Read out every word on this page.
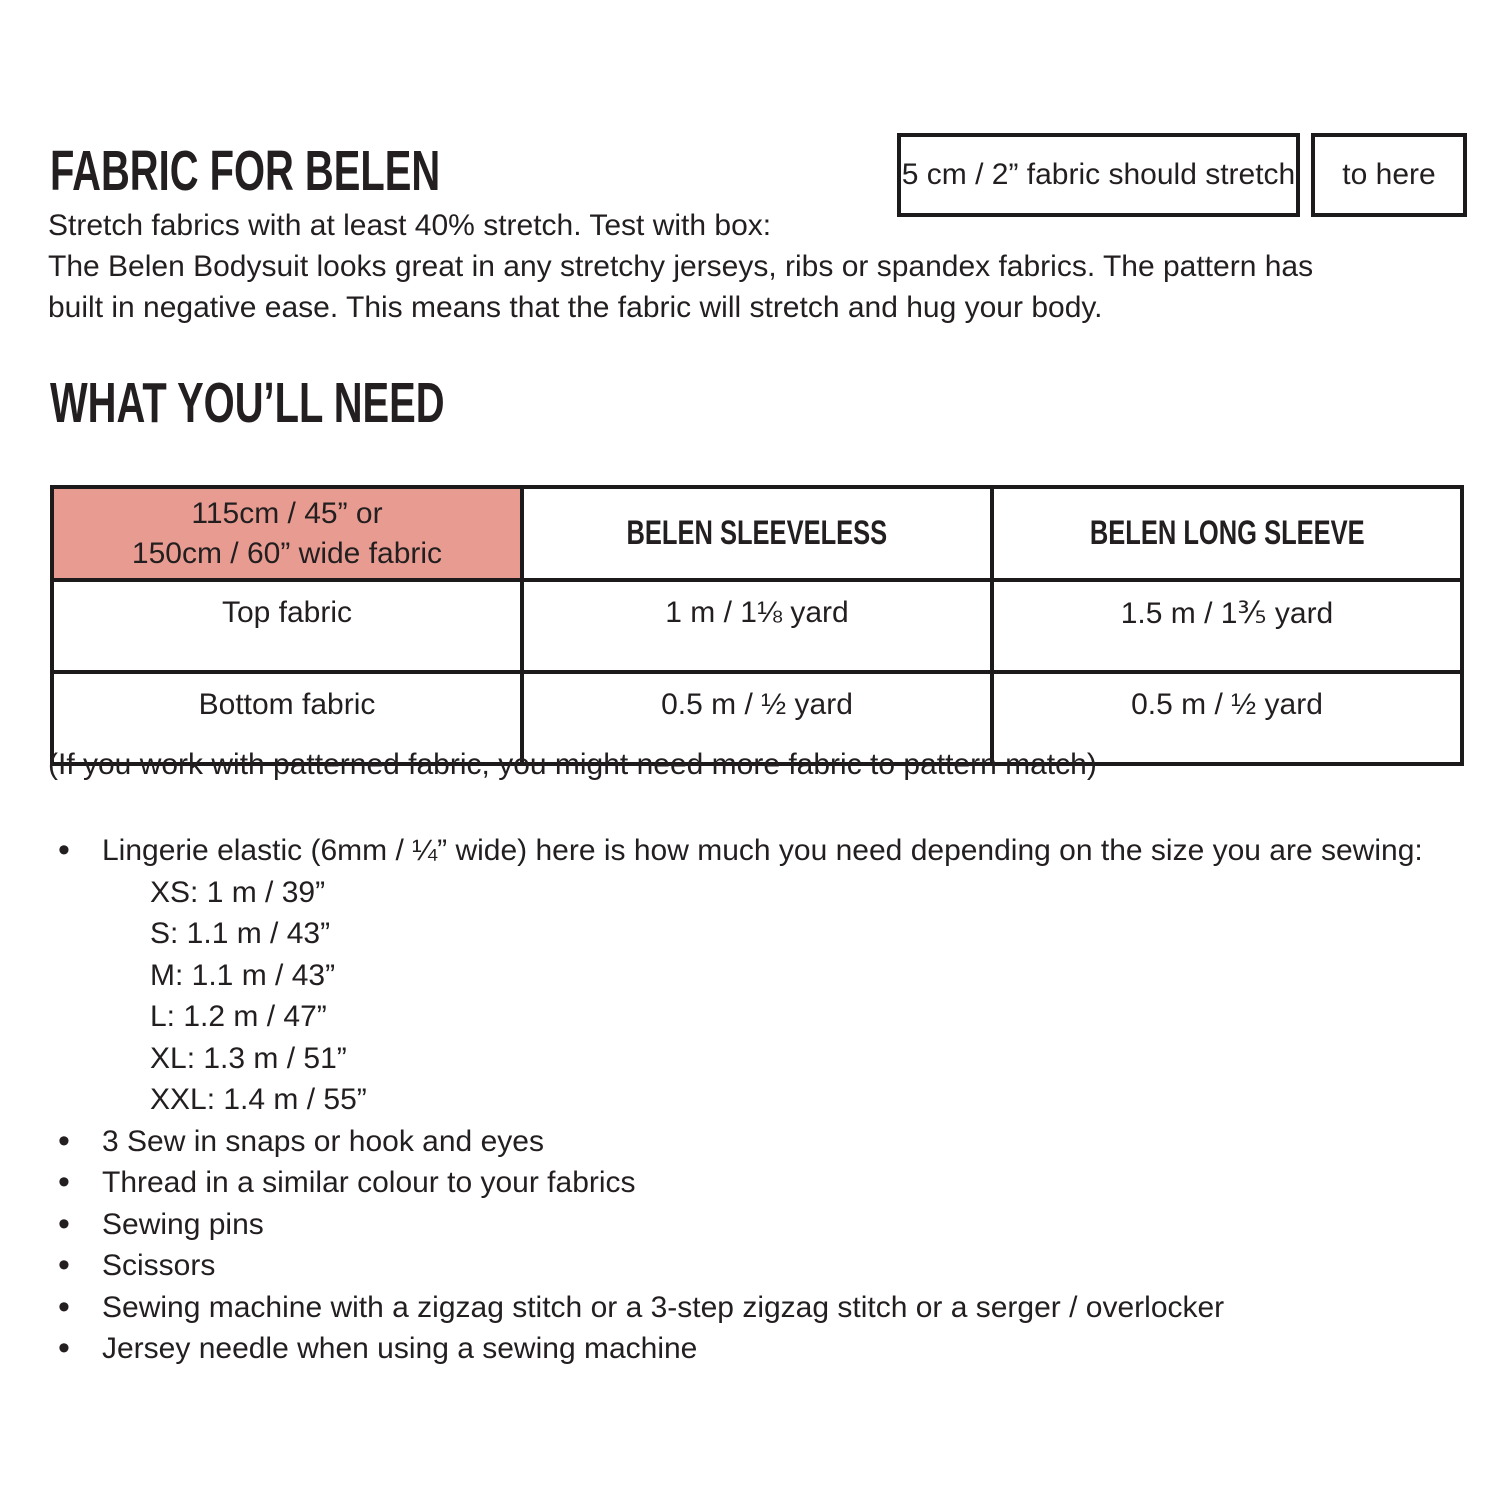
FABRIC FOR BELEN	5 cm / 2” fabric should stretch	to here
Stretch fabrics with at least 40% stretch. Test with box:
The Belen Bodysuit looks great in any stretchy jerseys, ribs or spandex fabrics. The pattern has
built in negative ease. This means that the fabric will stretch and hug your body.
WHAT YOU’LL NEED
115cm / 45” or
150cm / 60” wide fabric	BELEN SLEEVELESS	BELEN LONG SLEEVE
Top fabric	1 m / 1⅛ yard	1.5 m / 1⅗ yard
Bottom fabric	0.5 m / ½ yard	0.5 m / ½ yard
(If you work with patterned fabric, you might need more fabric to pattern match)
• Lingerie elastic (6mm / ¼” wide) here is how much you need depending on the size you are sewing:
XS: 1 m / 39”
S: 1.1 m / 43”
M: 1.1 m / 43”
L: 1.2 m / 47”
XL: 1.3 m / 51”
XXL: 1.4 m / 55”
• 3 Sew in snaps or hook and eyes
• Thread in a similar colour to your fabrics
• Sewing pins
• Scissors
• Sewing machine with a zigzag stitch or a 3-step zigzag stitch or a serger / overlocker
• Jersey needle when using a sewing machine
